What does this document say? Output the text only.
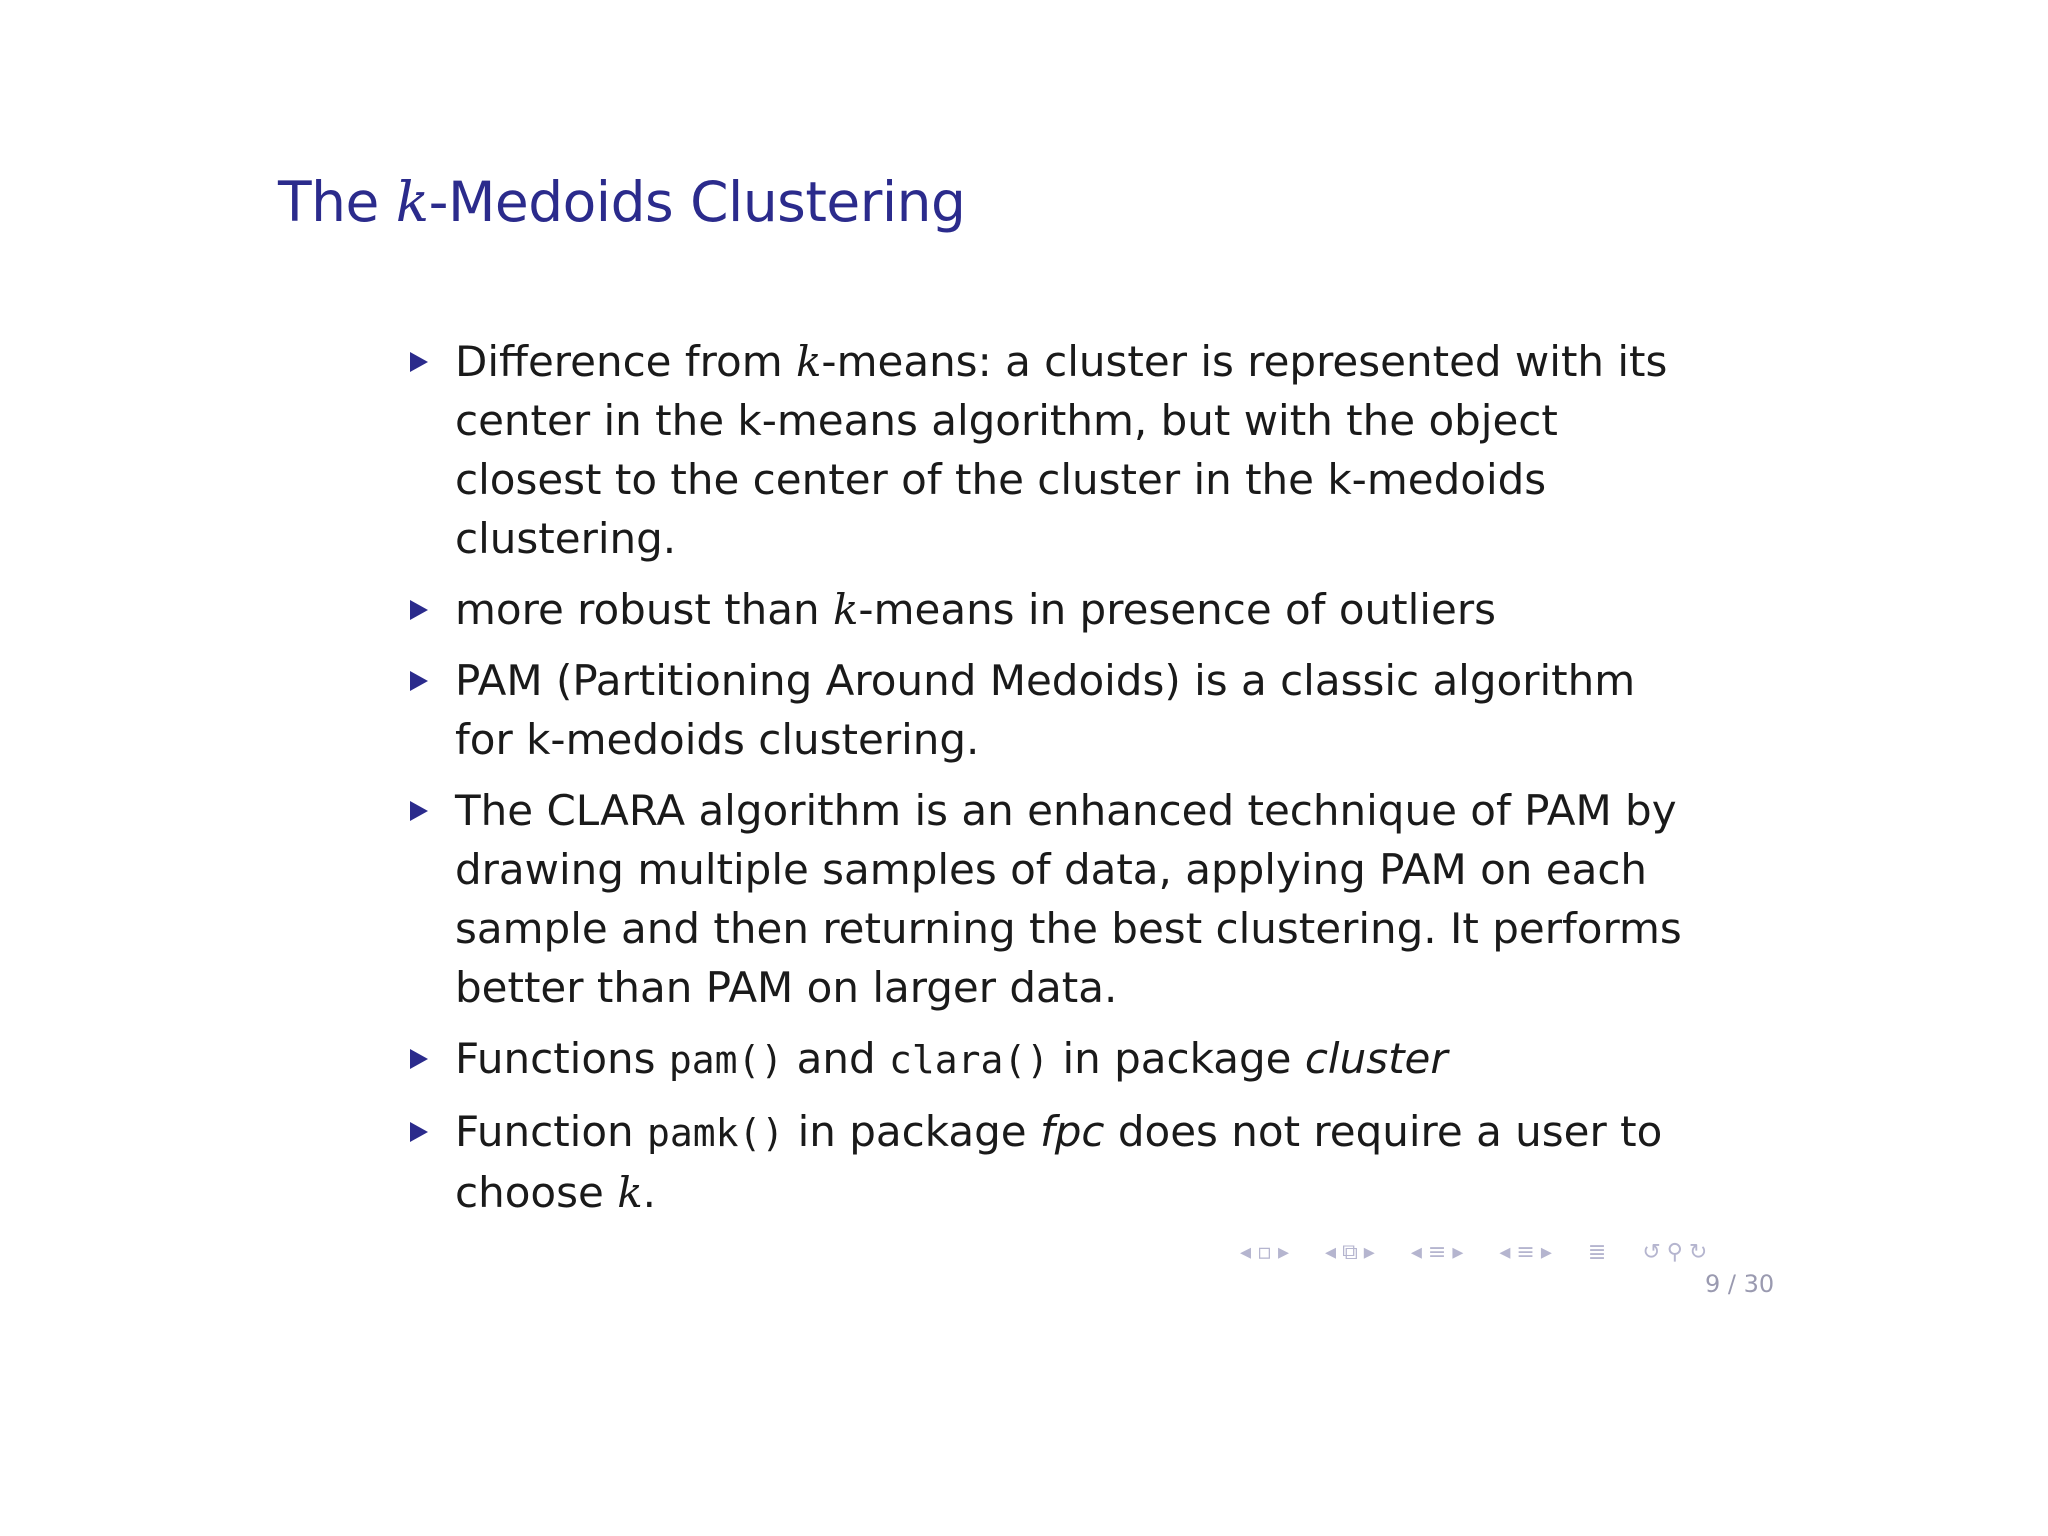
The k-Medoids Clustering
Difference from k-means: a cluster is represented with its center in the k-means algorithm, but with the object closest to the center of the cluster in the k-medoids clustering.
more robust than k-means in presence of outliers
PAM (Partitioning Around Medoids) is a classic algorithm for k-medoids clustering.
The CLARA algorithm is an enhanced technique of PAM by drawing multiple samples of data, applying PAM on each sample and then returning the best clustering. It performs better than PAM on larger data.
Functions pam() and clara() in package cluster
Function pamk() in package fpc does not require a user to choose k.
◂ ▫ ▸ ◂ ⧉ ▸ ◂ ≡ ▸ ◂ ≡ ▸ ≣ ↺ ⚲ ↻
9 / 30
